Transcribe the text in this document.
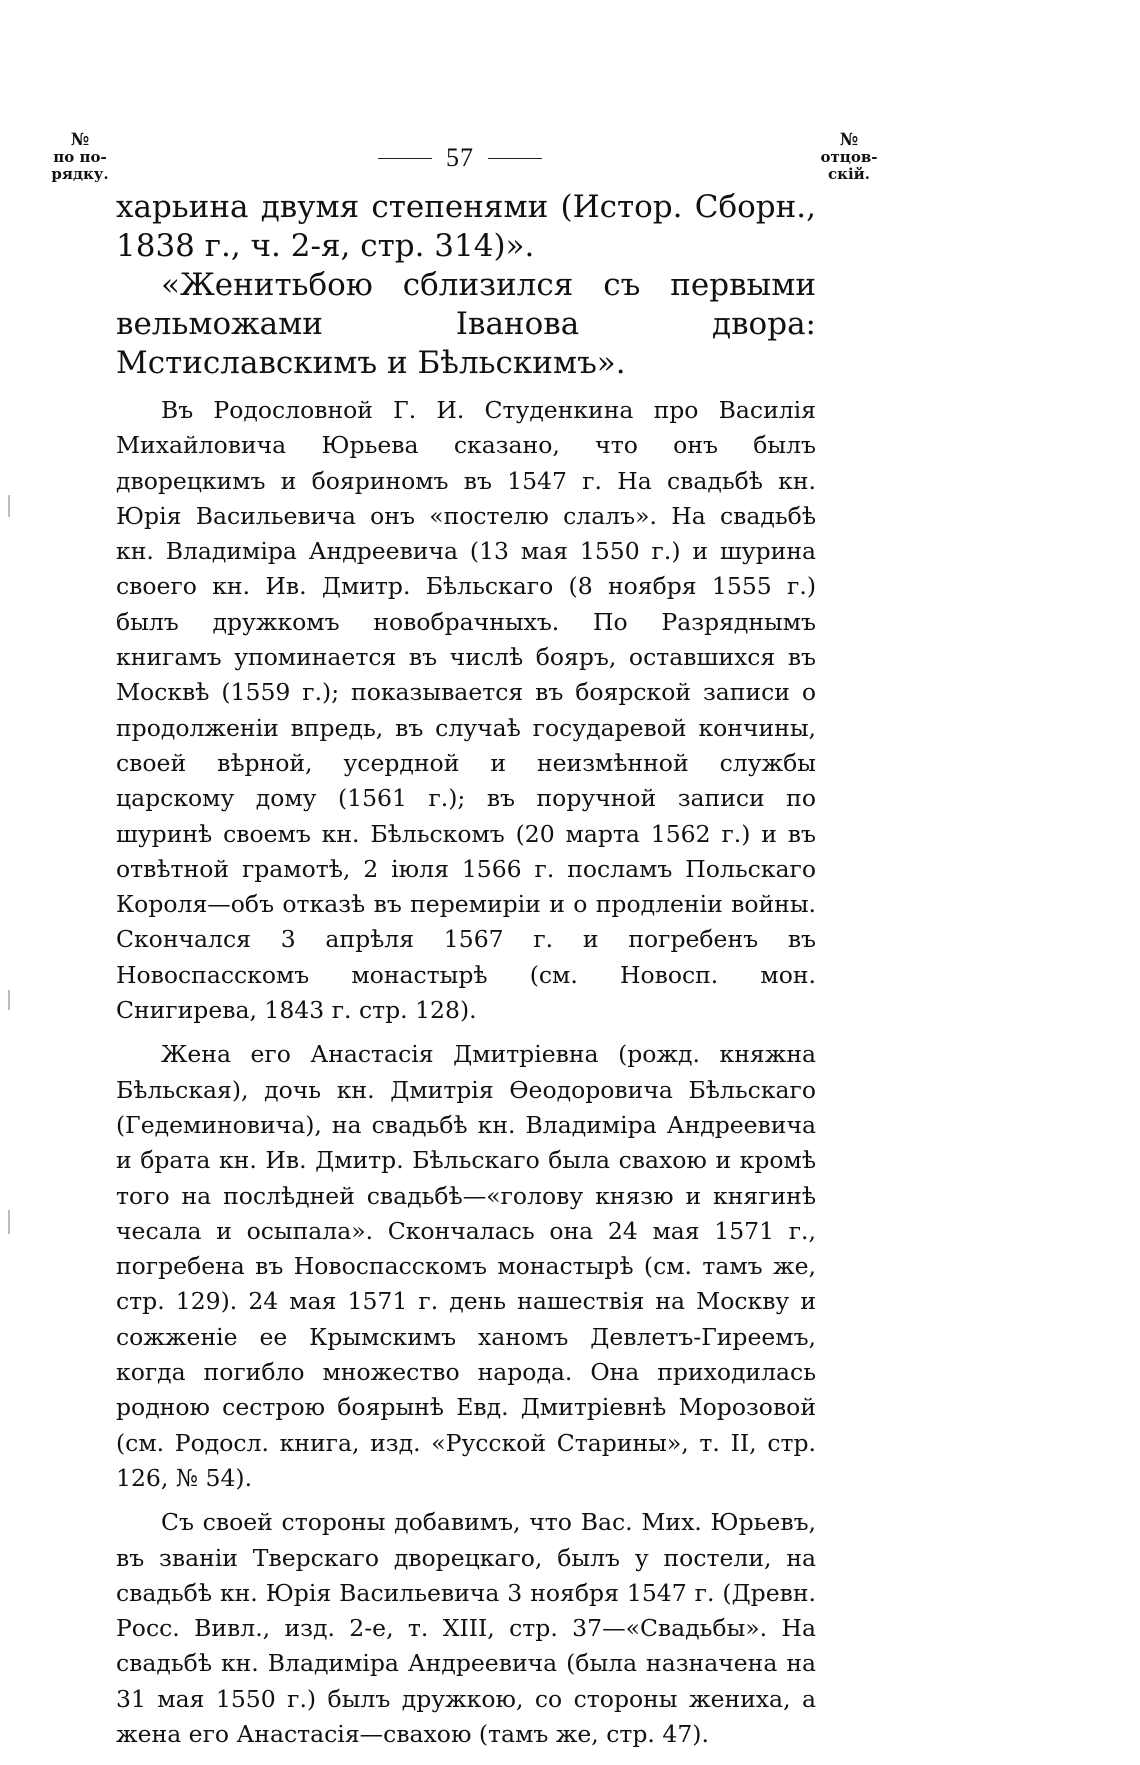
№
по по-
рядку.
57
№
отцов-
скій.

харьина двумя степенями (Истор. Сборн., 1838 г., ч. 2-я, стр. 314)».

«Женитьбою сблизился съ первыми вельможами Іванова двора: Мстиславскимъ и Бѣльскимъ».

Въ Родословной Г. И. Студенкина про Василія Михайловича Юрьева сказано, что онъ былъ дворецкимъ и бояриномъ въ 1547 г. На свадьбѣ кн. Юрія Васильевича онъ «постелю слалъ». На свадьбѣ кн. Владиміра Андреевича (13 мая 1550 г.) и шурина своего кн. Ив. Дмитр. Бѣльскаго (8 ноября 1555 г.) былъ дружкомъ новобрачныхъ. По Разряднымъ книгамъ упоминается въ числѣ бояръ, оставшихся въ Москвѣ (1559 г.); показывается въ боярской записи о продолженіи впредь, въ случаѣ государевой кончины, своей вѣрной, усердной и неизмѣнной службы царскому дому (1561 г.); въ поручной записи по шуринѣ своемъ кн. Бѣльскомъ (20 марта 1562 г.) и въ отвѣтной грамотѣ, 2 іюля 1566 г. посламъ Польскаго Короля—объ отказѣ въ перемиріи и о продленіи войны. Скончался 3 апрѣля 1567 г. и погребенъ въ Новоспасскомъ монастырѣ (см. Новосп. мон. Снигирева, 1843 г. стр. 128).

Жена его Анастасія Дмитріевна (рожд. княжна Бѣльская), дочь кн. Дмитрія Өеодоровича Бѣльскаго (Гедеминовича), на свадьбѣ кн. Владиміра Андреевича и брата кн. Ив. Дмитр. Бѣльскаго была свахою и кромѣ того на послѣдней свадьбѣ—«голову князю и княгинѣ чесала и осыпала». Скончалась она 24 мая 1571 г., погребена въ Новоспасскомъ монастырѣ (см. тамъ же, стр. 129). 24 мая 1571 г. день нашествія на Москву и сожженіе ее Крымскимъ ханомъ Девлетъ-Гиреемъ, когда погибло множество народа. Она приходилась родною сестрою боярынѣ Евд. Дмитріевнѣ Морозовой (см. Родосл. книга, изд. «Русской Старины», т. II, стр. 126, № 54).

Съ своей стороны добавимъ, что Вас. Мих. Юрьевъ, въ званіи Тверскаго дворецкаго, былъ у постели, на свадьбѣ кн. Юрія Васильевича 3 ноября 1547 г. (Древн. Росс. Вивл., изд. 2-е, т. XIII, стр. 37—«Свадьбы». На свадьбѣ кн. Владиміра Андреевича (была назначена на 31 мая 1550 г.) былъ дружкою, со стороны жениха, а жена его Анастасія—свахою (тамъ же, стр. 47).
